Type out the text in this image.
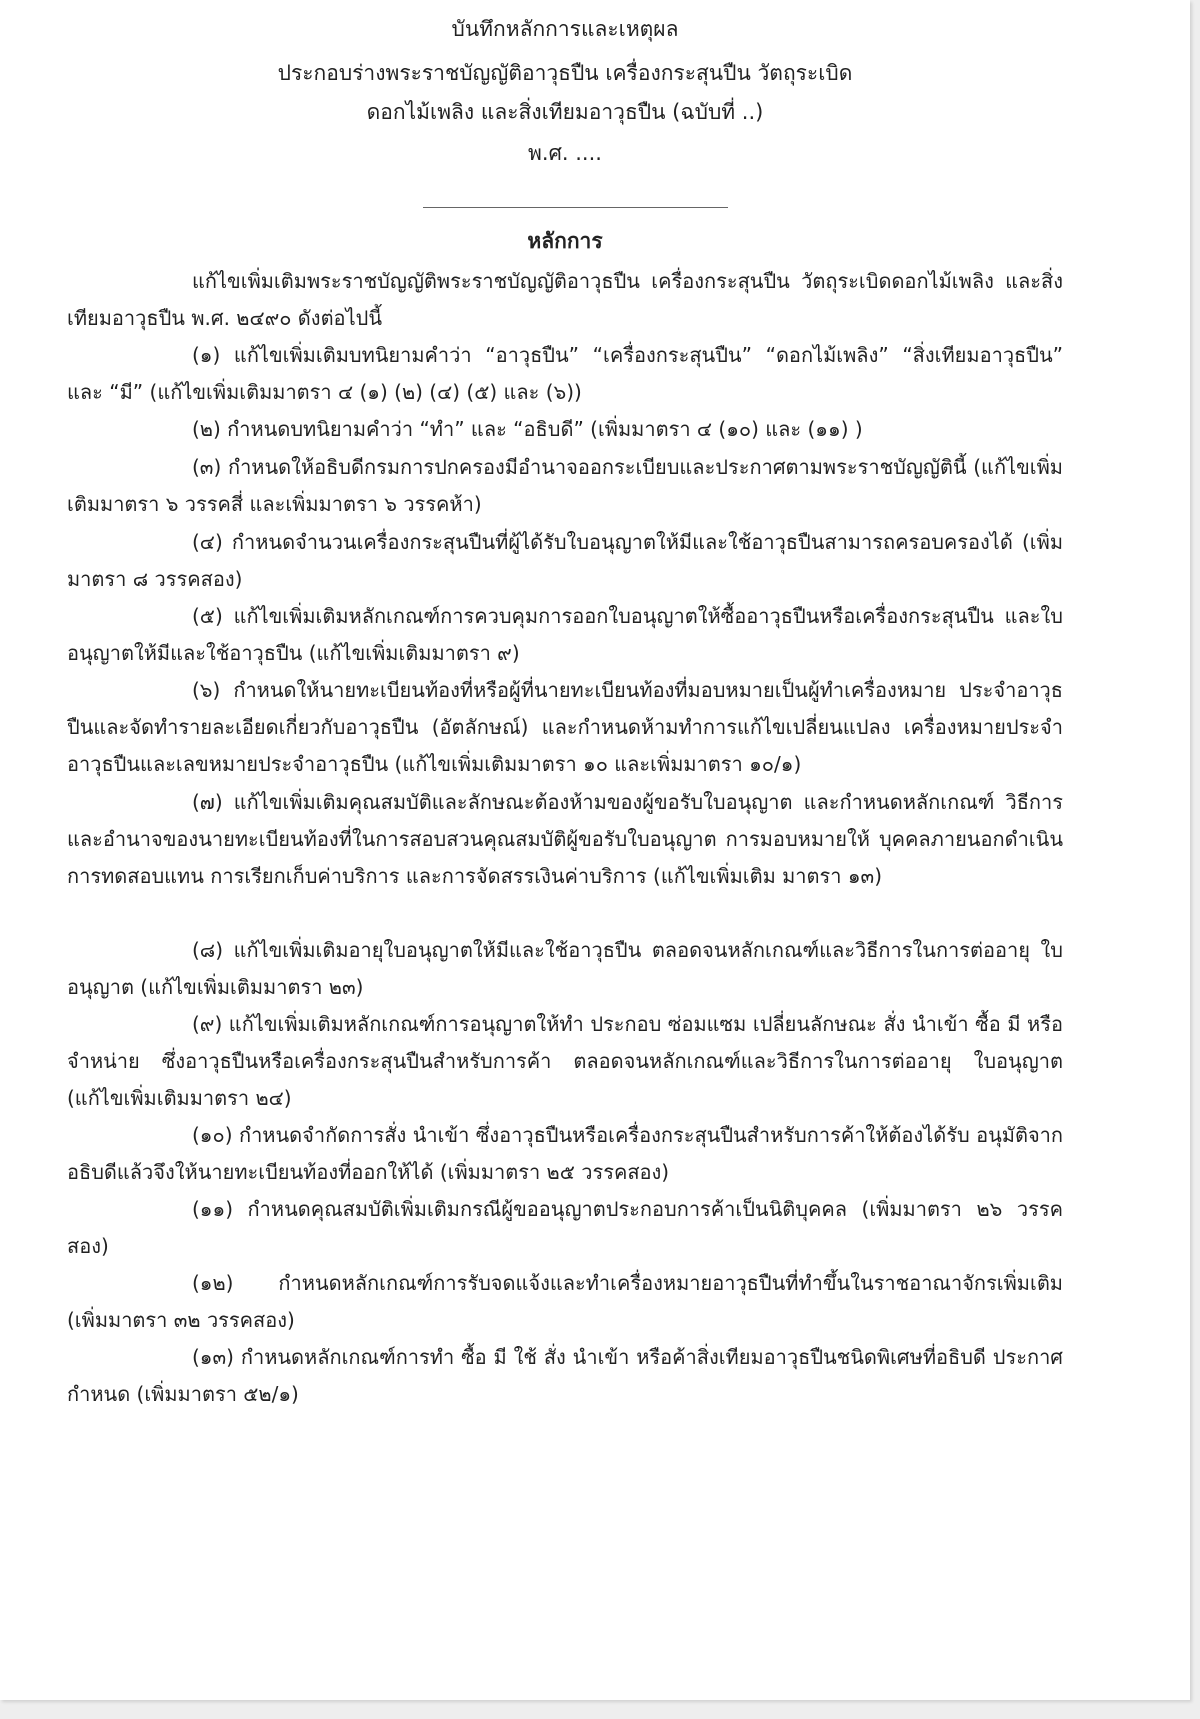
บันทึกหลักการและเหตุผล
ประกอบร่างพระราชบัญญัติอาวุธปืน เครื่องกระสุนปืน วัตถุระเบิด
ดอกไม้เพลิง และสิ่งเทียมอาวุธปืน (ฉบับที่ ..)
พ.ศ. ....
หลักการ

แก้ไขเพิ่มเติมพระราชบัญญัติพระราชบัญญัติอาวุธปืน เครื่องกระสุนปืน วัตถุระเบิดดอกไม้เพลิง และสิ่งเทียมอาวุธปืน พ.ศ. ๒๔๙๐ ดังต่อไปนี้

(๑) แก้ไขเพิ่มเติมบทนิยามคำว่า “อาวุธปืน” “เครื่องกระสุนปืน” “ดอกไม้เพลิง” “สิ่งเทียมอาวุธปืน” และ “มี” (แก้ไขเพิ่มเติมมาตรา ๔ (๑) (๒) (๔) (๕) และ (๖))

(๒) กำหนดบทนิยามคำว่า “ทำ” และ “อธิบดี” (เพิ่มมาตรา ๔ (๑๐) และ (๑๑) )

(๓) กำหนดให้อธิบดีกรมการปกครองมีอำนาจออกระเบียบและประกาศตามพระราชบัญญัตินี้ (แก้ไขเพิ่มเติมมาตรา ๖ วรรคสี่ และเพิ่มมาตรา ๖ วรรคห้า)

(๔) กำหนดจำนวนเครื่องกระสุนปืนที่ผู้ได้รับใบอนุญาตให้มีและใช้อาวุธปืนสามารถครอบครองได้ (เพิ่มมาตรา ๘ วรรคสอง)

(๕) แก้ไขเพิ่มเติมหลักเกณฑ์การควบคุมการออกใบอนุญาตให้ซื้ออาวุธปืนหรือเครื่องกระสุนปืน และใบอนุญาตให้มีและใช้อาวุธปืน (แก้ไขเพิ่มเติมมาตรา ๙)

(๖) กำหนดให้นายทะเบียนท้องที่หรือผู้ที่นายทะเบียนท้องที่มอบหมายเป็นผู้ทำเครื่องหมาย ประจำอาวุธปืนและจัดทำรายละเอียดเกี่ยวกับอาวุธปืน (อัตลักษณ์) และกำหนดห้ามทำการแก้ไขเปลี่ยนแปลง เครื่องหมายประจำอาวุธปืนและเลขหมายประจำอาวุธปืน (แก้ไขเพิ่มเติมมาตรา ๑๐ และเพิ่มมาตรา ๑๐/๑)

(๗) แก้ไขเพิ่มเติมคุณสมบัติและลักษณะต้องห้ามของผู้ขอรับใบอนุญาต และกำหนดหลักเกณฑ์ วิธีการ และอำนาจของนายทะเบียนท้องที่ในการสอบสวนคุณสมบัติผู้ขอรับใบอนุญาต การมอบหมายให้ บุคคลภายนอกดำเนินการทดสอบแทน การเรียกเก็บค่าบริการ และการจัดสรรเงินค่าบริการ (แก้ไขเพิ่มเติม มาตรา ๑๓)

(๘) แก้ไขเพิ่มเติมอายุใบอนุญาตให้มีและใช้อาวุธปืน ตลอดจนหลักเกณฑ์และวิธีการในการต่ออายุ ใบอนุญาต (แก้ไขเพิ่มเติมมาตรา ๒๓)

(๙) แก้ไขเพิ่มเติมหลักเกณฑ์การอนุญาตให้ทำ ประกอบ ซ่อมแซม เปลี่ยนลักษณะ สั่ง นำเข้า ซื้อ มี หรือจำหน่าย ซึ่งอาวุธปืนหรือเครื่องกระสุนปืนสำหรับการค้า ตลอดจนหลักเกณฑ์และวิธีการในการต่ออายุ ใบอนุญาต (แก้ไขเพิ่มเติมมาตรา ๒๔)

(๑๐) กำหนดจำกัดการสั่ง นำเข้า ซึ่งอาวุธปืนหรือเครื่องกระสุนปืนสำหรับการค้าให้ต้องได้รับ อนุมัติจากอธิบดีแล้วจึงให้นายทะเบียนท้องที่ออกให้ได้ (เพิ่มมาตรา ๒๕ วรรคสอง)

(๑๑) กำหนดคุณสมบัติเพิ่มเติมกรณีผู้ขออนุญาตประกอบการค้าเป็นนิติบุคคล (เพิ่มมาตรา ๒๖ วรรคสอง)

(๑๒) กำหนดหลักเกณฑ์การรับจดแจ้งและทำเครื่องหมายอาวุธปืนที่ทำขึ้นในราชอาณาจักรเพิ่มเติม (เพิ่มมาตรา ๓๒ วรรคสอง)

(๑๓) กำหนดหลักเกณฑ์การทำ ซื้อ มี ใช้ สั่ง นำเข้า หรือค้าสิ่งเทียมอาวุธปืนชนิดพิเศษที่อธิบดี ประกาศกำหนด (เพิ่มมาตรา ๕๒/๑)
